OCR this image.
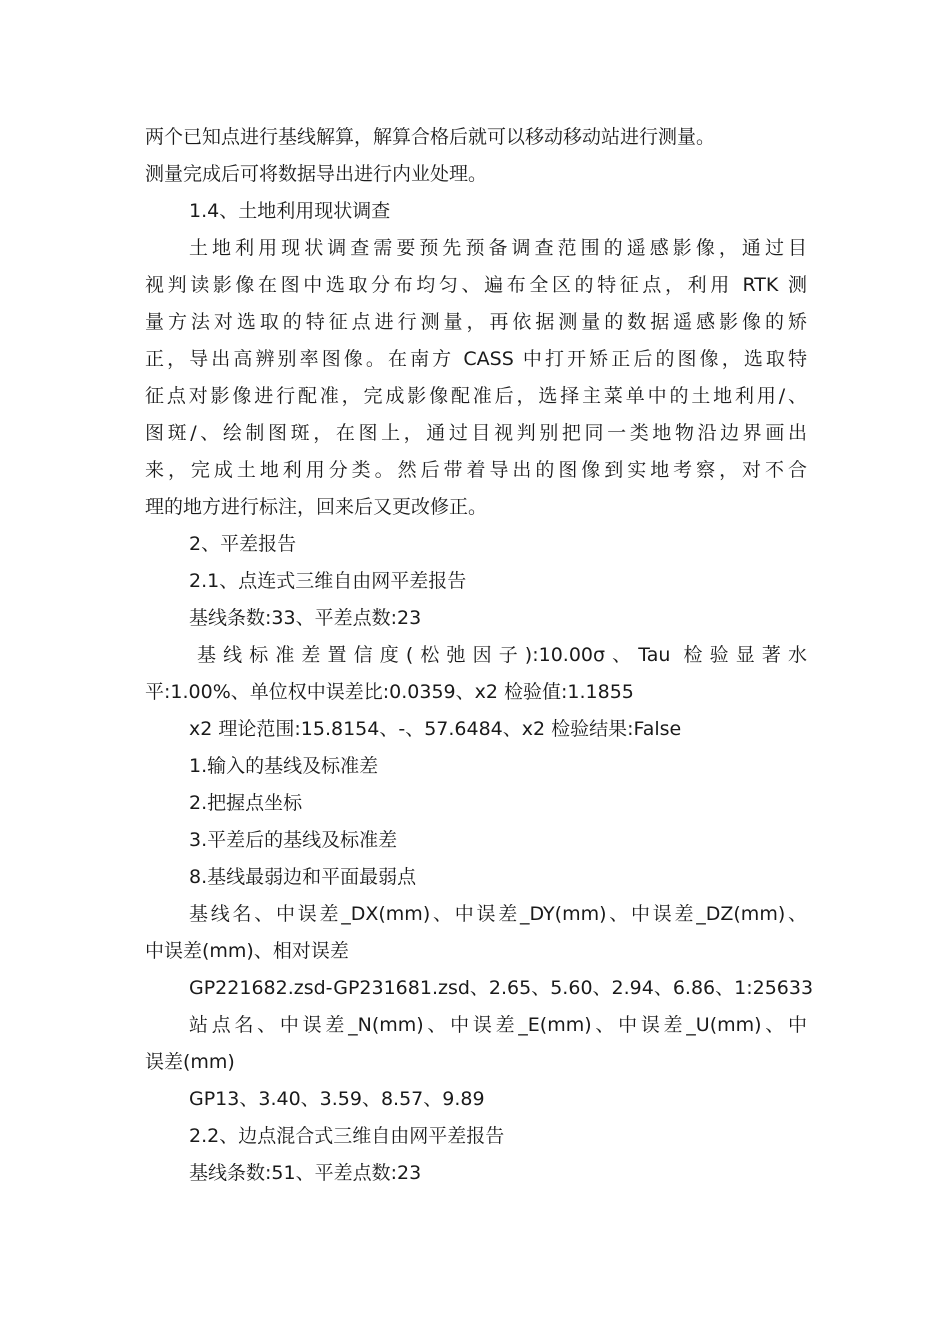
两个已知点进行基线解算，解算合格后就可以移动移动站进行测量。

测量完成后可将数据导出进行内业处理。

1.4、土地利用现状调查

土地利用现状调查需要预先预备调查范围的遥感影像，通过目
视判读影像在图中选取分布均匀、遍布全区的特征点，利用 RTK 测
量方法对选取的特征点进行测量，再依据测量的数据遥感影像的矫
正，导出高辨别率图像。在南方 CASS 中打开矫正后的图像，选取特
征点对影像进行配准，完成影像配准后，选择主菜单中的土地利用/、
图斑/、绘制图斑，在图上，通过目视判别把同一类地物沿边界画出
来，完成土地利用分类。然后带着导出的图像到实地考察，对不合
理的地方进行标注，回来后又更改修正。

2、平差报告

2.1、点连式三维自由网平差报告

基线条数:33、平差点数:23

基线标准差置信度(松弛因子):10.00σ、Tau 检验显著水
平:1.00%、单位权中误差比:0.0359、x2 检验值:1.1855

x2 理论范围:15.8154、-、57.6484、x2 检验结果:False

1.输入的基线及标准差

2.把握点坐标

3.平差后的基线及标准差

8.基线最弱边和平面最弱点

基线名、中误差_DX(mm)、中误差_DY(mm)、中误差_DZ(mm)、
中误差(mm)、相对误差

GP221682.zsd-GP231681.zsd、2.65、5.60、2.94、6.86、1:25633

站点名、中误差_N(mm)、中误差_E(mm)、中误差_U(mm)、中
误差(mm)

GP13、3.40、3.59、8.57、9.89

2.2、边点混合式三维自由网平差报告

基线条数:51、平差点数:23
